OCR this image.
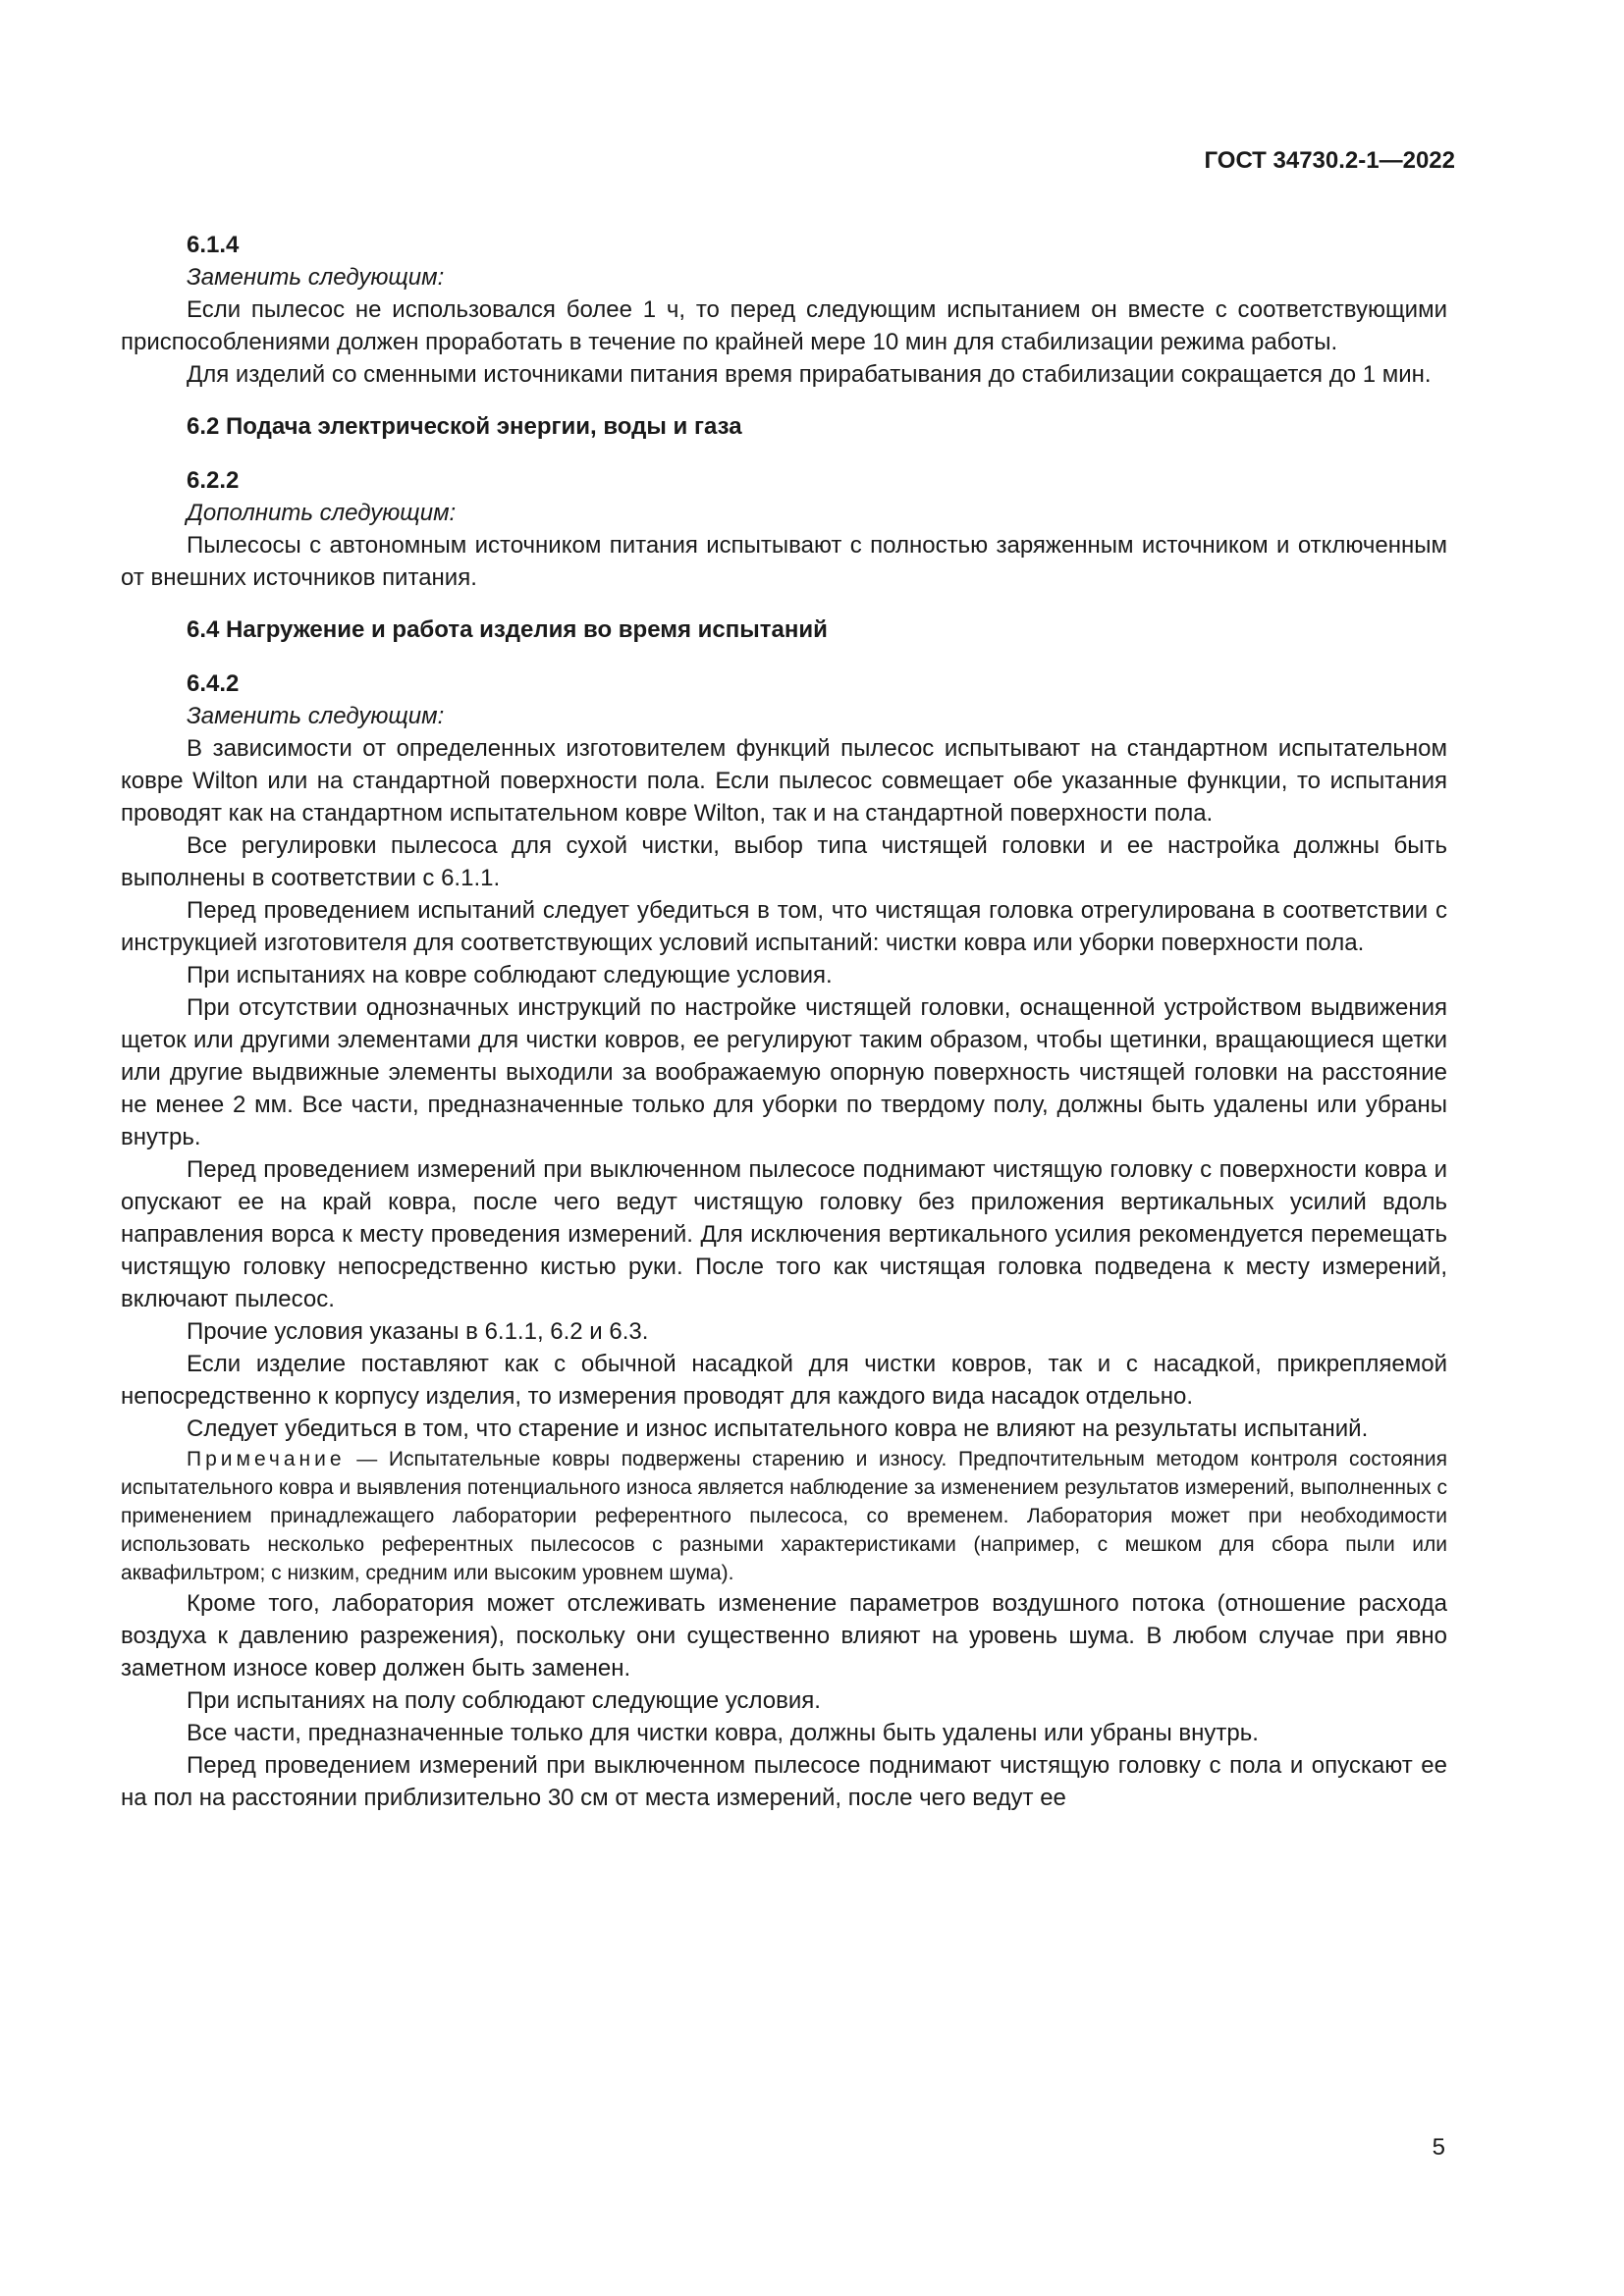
ГОСТ 34730.2-1—2022

6.1.4

Заменить следующим:

Если пылесос не использовался более 1 ч, то перед следующим испытанием он вместе с соответствующими приспособлениями должен проработать в течение по крайней мере 10 мин для стабилизации режима работы.

Для изделий со сменными источниками питания время прирабатывания до стабилизации сокращается до 1 мин.

6.2 Подача электрической энергии, воды и газа

6.2.2

Дополнить следующим:

Пылесосы с автономным источником питания испытывают с полностью заряженным источником и отключенным от внешних источников питания.

6.4 Нагружение и работа изделия во время испытаний

6.4.2

Заменить следующим:

В зависимости от определенных изготовителем функций пылесос испытывают на стандартном испытательном ковре Wilton или на стандартной поверхности пола. Если пылесос совмещает обе указанные функции, то испытания проводят как на стандартном испытательном ковре Wilton, так и на стандартной поверхности пола.

Все регулировки пылесоса для сухой чистки, выбор типа чистящей головки и ее настройка должны быть выполнены в соответствии с 6.1.1.

Перед проведением испытаний следует убедиться в том, что чистящая головка отрегулирована в соответствии с инструкцией изготовителя для соответствующих условий испытаний: чистки ковра или уборки поверхности пола.

При испытаниях на ковре соблюдают следующие условия.

При отсутствии однозначных инструкций по настройке чистящей головки, оснащенной устройством выдвижения щеток или другими элементами для чистки ковров, ее регулируют таким образом, чтобы щетинки, вращающиеся щетки или другие выдвижные элементы выходили за воображаемую опорную поверхность чистящей головки на расстояние не менее 2 мм. Все части, предназначенные только для уборки по твердому полу, должны быть удалены или убраны внутрь.

Перед проведением измерений при выключенном пылесосе поднимают чистящую головку с поверхности ковра и опускают ее на край ковра, после чего ведут чистящую головку без приложения вертикальных усилий вдоль направления ворса к месту проведения измерений. Для исключения вертикального усилия рекомендуется перемещать чистящую головку непосредственно кистью руки. После того как чистящая головка подведена к месту измерений, включают пылесос.

Прочие условия указаны в 6.1.1, 6.2 и 6.3.

Если изделие поставляют как с обычной насадкой для чистки ковров, так и с насадкой, прикрепляемой непосредственно к корпусу изделия, то измерения проводят для каждого вида насадок отдельно.

Следует убедиться в том, что старение и износ испытательного ковра не влияют на результаты испытаний.

Примечание — Испытательные ковры подвержены старению и износу. Предпочтительным методом контроля состояния испытательного ковра и выявления потенциального износа является наблюдение за изменением результатов измерений, выполненных с применением принадлежащего лаборатории референтного пылесоса, со временем. Лаборатория может при необходимости использовать несколько референтных пылесосов с разными характеристиками (например, с мешком для сбора пыли или аквафильтром; с низким, средним или высоким уровнем шума).

Кроме того, лаборатория может отслеживать изменение параметров воздушного потока (отношение расхода воздуха к давлению разрежения), поскольку они существенно влияют на уровень шума. В любом случае при явно заметном износе ковер должен быть заменен.

При испытаниях на полу соблюдают следующие условия.

Все части, предназначенные только для чистки ковра, должны быть удалены или убраны внутрь.

Перед проведением измерений при выключенном пылесосе поднимают чистящую головку с пола и опускают ее на пол на расстоянии приблизительно 30 см от места измерений, после чего ведут ее

5
